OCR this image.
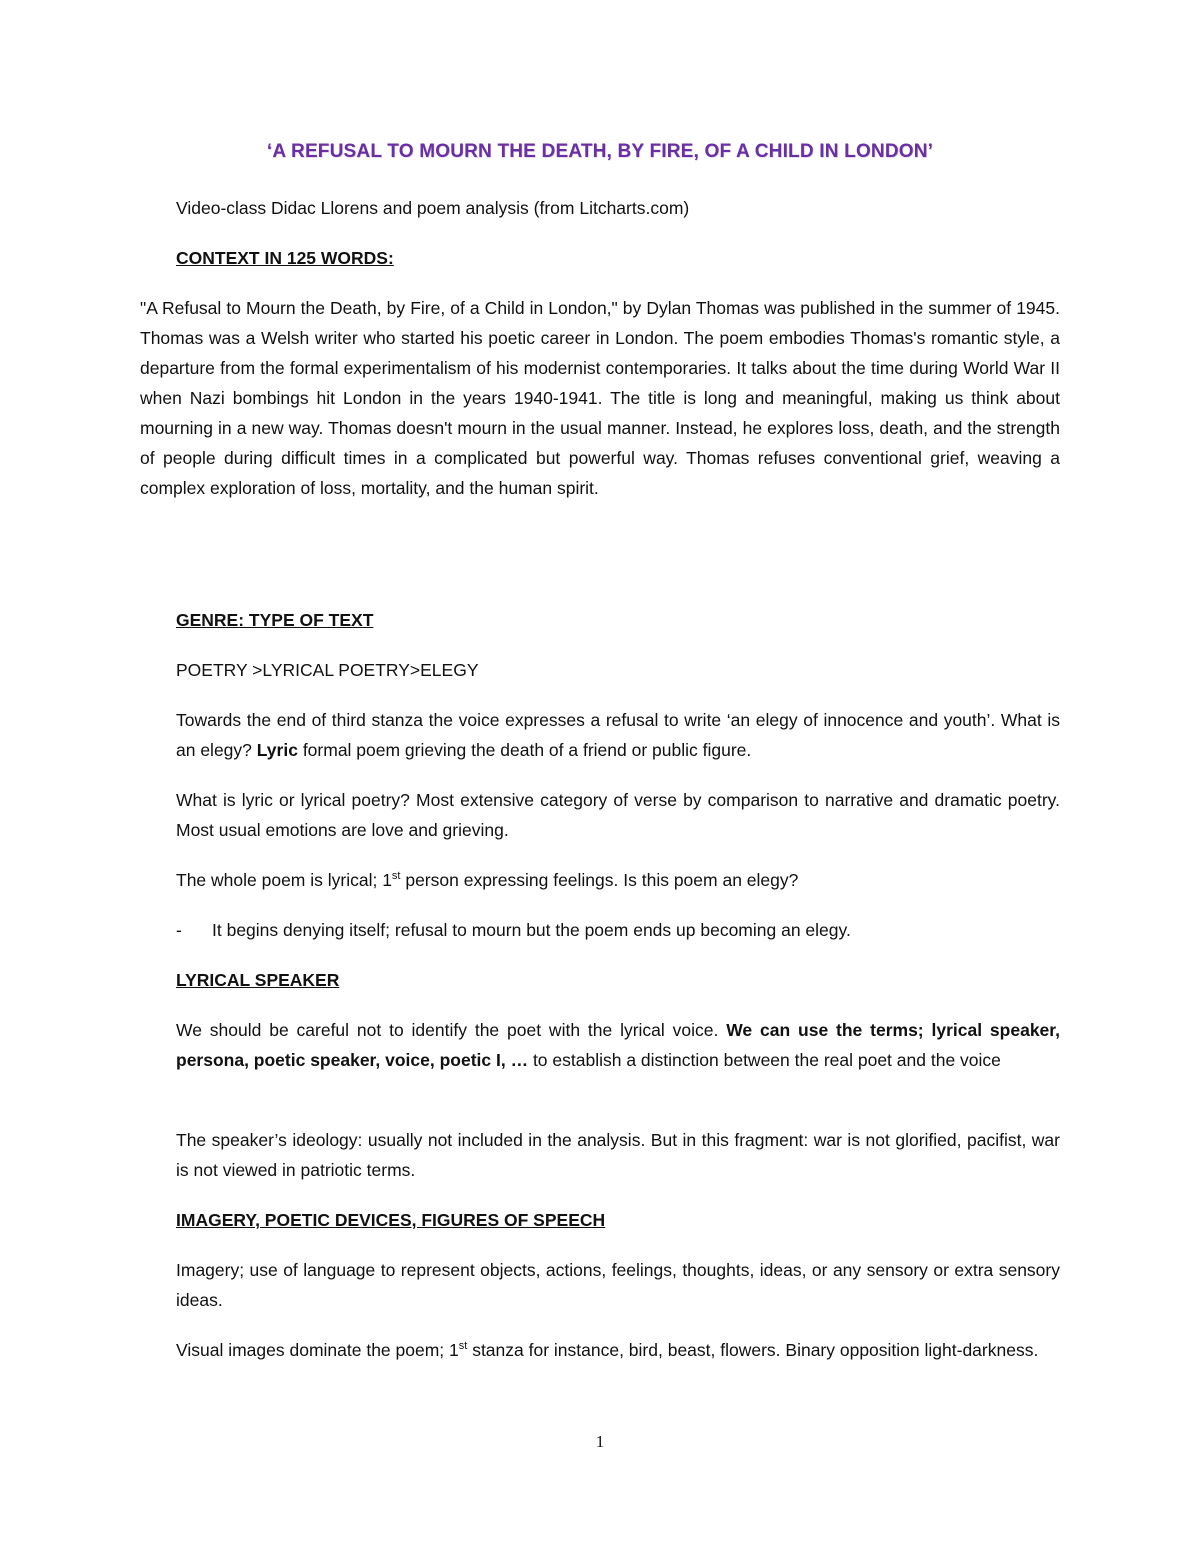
‘A REFUSAL TO MOURN THE DEATH, BY FIRE, OF A CHILD IN LONDON’

Video-class Didac Llorens and poem analysis (from Litcharts.com)

CONTEXT IN 125 WORDS:

"A Refusal to Mourn the Death, by Fire, of a Child in London," by Dylan Thomas was published in the summer of 1945. Thomas was a Welsh writer who started his poetic career in London. The poem embodies Thomas's romantic style, a departure from the formal experimentalism of his modernist contemporaries. It talks about the time during World War II when Nazi bombings hit London in the years 1940-1941. The title is long and meaningful, making us think about mourning in a new way. Thomas doesn't mourn in the usual manner. Instead, he explores loss, death, and the strength of people during difficult times in a complicated but powerful way. Thomas refuses conventional grief, weaving a complex exploration of loss, mortality, and the human spirit.

GENRE: TYPE OF TEXT

POETRY >LYRICAL POETRY>ELEGY

Towards the end of third stanza the voice expresses a refusal to write ‘an elegy of innocence and youth’. What is an elegy? Lyric formal poem grieving the death of a friend or public figure.

What is lyric or lyrical poetry? Most extensive category of verse by comparison to narrative and dramatic poetry. Most usual emotions are love and grieving.

The whole poem is lyrical; 1st person expressing feelings. Is this poem an elegy?

- It begins denying itself; refusal to mourn but the poem ends up becoming an elegy.

LYRICAL SPEAKER

We should be careful not to identify the poet with the lyrical voice. We can use the terms; lyrical speaker, persona, poetic speaker, voice, poetic I, … to establish a distinction between the real poet and the voice

The speaker’s ideology: usually not included in the analysis. But in this fragment: war is not glorified, pacifist, war is not viewed in patriotic terms.

IMAGERY, POETIC DEVICES, FIGURES OF SPEECH

Imagery; use of language to represent objects, actions, feelings, thoughts, ideas, or any sensory or extra sensory ideas.

Visual images dominate the poem; 1st stanza for instance, bird, beast, flowers. Binary opposition light-darkness.

1
